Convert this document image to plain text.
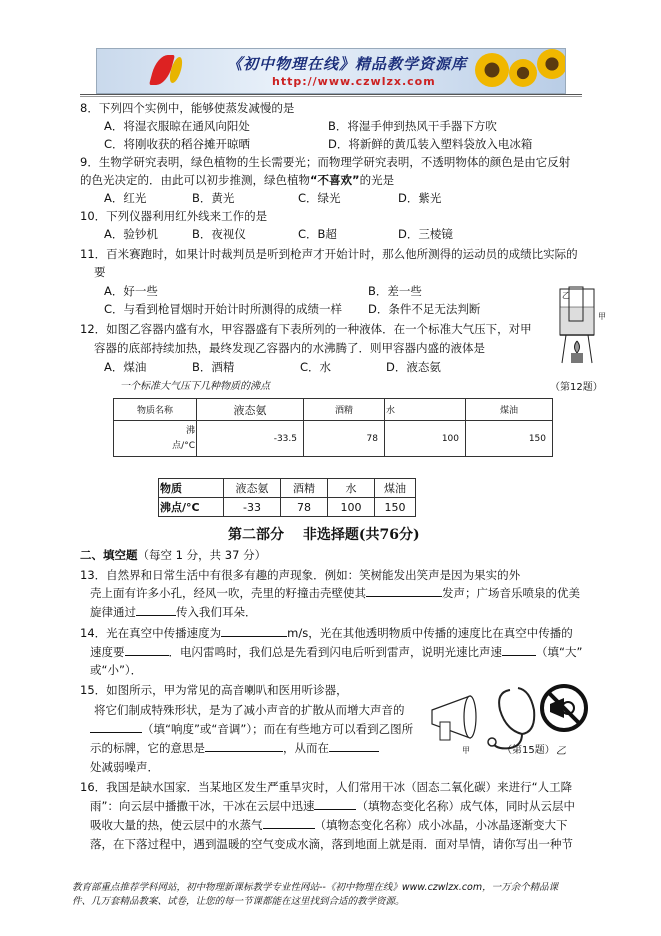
《初中物理在线》精品教学资源库
http://www.czwlzx.com
8．下列四个实例中，能够使蒸发减慢的是
A．将湿衣服晾在通风向阳处	B．将湿手伸到热风干手器下方吹
C．将刚收获的稻谷摊开晾晒	D．将新鲜的黄瓜装入塑料袋放入电冰箱
9．生物学研究表明，绿色植物的生长需要光；而物理学研究表明，不透明物体的颜色是由它反射
的色光决定的．由此可以初步推测，绿色植物“不喜欢”的光是
A．红光	B．黄光	C．绿光	D．紫光
10．下列仪器利用红外线来工作的是
A．验钞机	B．夜视仪	C．B超	D．三棱镜
11．百米赛跑时，如果计时裁判员是听到枪声才开始计时，那么他所测得的运动员的成绩比实际的
要
A．好一些	B．差一些
C．与看到枪冒烟时开始计时所测得的成绩一样 D．条件不足无法判断
12．如图乙容器内盛有水，甲容器盛有下表所列的一种液体．在一个标准大气压下，对甲
容器的底部持续加热，最终发现乙容器内的水沸腾了．则甲容器内盛的液体是
A．煤油	B．酒精	C．水	D．液态氨
乙
甲
（第12题）
一个标准大气压下几种物质的沸点
物质名称	液态氨	酒精	水	煤油
沸
点/°C	-33.5	78	100	150
物质	液态氨	酒精	水	煤油
沸点/°C	-33	78	100	150
第二部分　 非选择题(共76分)
二、填空题（每空 1 分，共 37 分）
13．自然界和日常生活中有很多有趣的声现象．例如：笑树能发出笑声是因为果实的外
壳上面有许多小孔，经风一吹，壳里的籽撞击壳壁使其	发声；广场音乐喷泉的优美
旋律通过	传入我们耳朵．
14．光在真空中传播速度为	m/s，光在其他透明物质中传播的速度比在真空中传播的
速度要	．电闪雷鸣时，我们总是先看到闪电后听到雷声，说明光速比声速	（填“大”
或“小”）．
15．如图所示，甲为常见的高音喇叭和医用听诊器，
将它们制成特殊形状，是为了减小声音的扩散从而增大声音的
（填“响度”或“音调”）；而在有些地方可以看到乙图所
示的标牌，它的意思是	，从而在
处减弱噪声．
甲	（第15题） 乙
16．我国是缺水国家．当某地区发生严重旱灾时，人们常用干冰（固态二氧化碳）来进行“人工降
雨”：向云层中播撒干冰，干冰在云层中迅速	（填物态变化名称）成气体，同时从云层中
吸收大量的热，使云层中的水蒸气	（填物态变化名称）成小冰晶，小冰晶逐渐变大下
落，在下落过程中，遇到温暖的空气变成水滴，落到地面上就是雨．面对旱情，请你写出一种节
教育部重点推荐学科网站，初中物理新课标教学专业性网站--《初中物理在线》www.czwlzx.com，一万余个精品课
件、几万套精品教案、试卷，让您的每一节课都能在这里找到合适的教学资源。
